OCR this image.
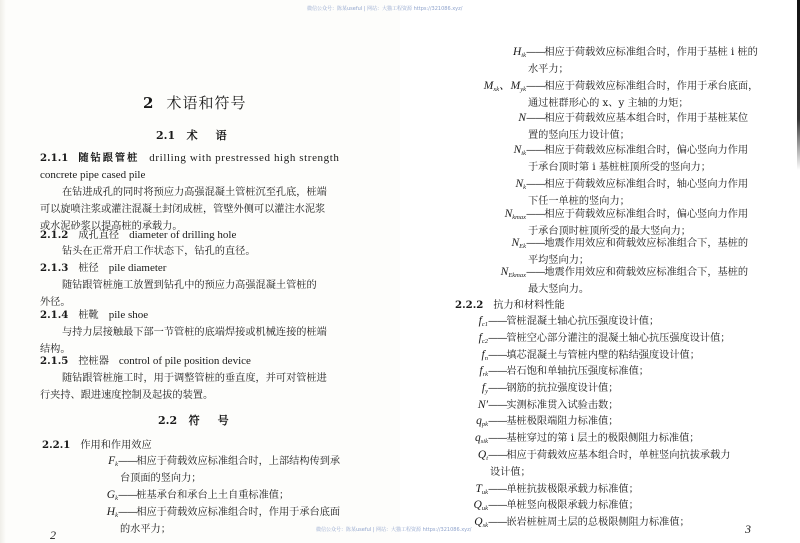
2 术语和符号
2.1 术 语
2.1.1 随钻跟管桩 drilling with prestressed high strength
concrete pipe cased pile
在钻进成孔的同时将预应力高强混凝土管桩沉至孔底，桩端
可以旋喷注浆或灌注混凝土封闭成桩，管壁外侧可以灌注水泥浆
或水泥砂浆以提高桩的承载力。
2.1.2 成孔直径 diameter of drilling hole
钻头在正常开启工作状态下，钻孔的直径。
2.1.3 桩径 pile diameter
随钻跟管桩施工放置到钻孔中的预应力高强混凝土管桩的
外径。
2.1.4 桩靴 pile shoe
与持力层接触最下部一节管桩的底端焊接或机械连接的桩端
结构。
2.1.5 控桩器 control of pile position device
随钻跟管桩施工时，用于调整管桩的垂直度，并可对管桩进
行夹持、跟进速度控制及起拔的装置。
2.2 符 号
2.2.1 作用和作用效应
$F_k——$相应于荷载效应标准组合时，上部结构传到承
台顶面的竖向力；
$G_k——$桩基承台和承台上土自重标准值；
$H_k——$相应于荷载效应标准组合时，作用于承台底面
的水平力；
2
$H_{ik}——$相应于荷载效应标准组合时，作用于基桩 i 桩的
水平力；
$M_{xk}$、$M_{yk}——$相应于荷载效应标准组合时，作用于承台底面，
通过桩群形心的 x、y 主轴的力矩；
N——相应于荷载效应基本组合时，作用于基桩某位
置的竖向压力设计值；
$N_{ik}——$相应于荷载效应标准组合时，偏心竖向力作用
于承台顶时第 i 基桩桩顶所受的竖向力；
$N_k——$相应于荷载效应标准组合时，轴心竖向力作用
下任一单桩的竖向力；
$N_{kmax}——$相应于荷载效应标准组合时，偏心竖向力作用
于承台顶时桩顶所受的最大竖向力；
$N_{Ek}——$地震作用效应和荷载效应标准组合下，基桩的
平均竖向力；
$N_{Ekmax}——$地震作用效应和荷载效应标准组合下，基桩的
最大竖向力。
2.2.2 抗力和材料性能
$f_{c1}——$管桩混凝土轴心抗压强度设计值；
$f_{c2}——$管桩空心部分灌注的混凝土轴心抗压强度设计值；
$f_n——$填芯混凝土与管桩内壁的粘结强度设计值；
$f_{rk}——$岩石饱和单轴抗压强度标准值；
$f_y——$钢筋的抗拉强度设计值；
N′——实测标准贯入试验击数；
$q_{pk}——$基桩极限端阻力标准值；
$q_{sik}——$基桩穿过的第 i 层土的极限侧阻力标准值；
$Q_t——$相应于荷载效应基本组合时，单桩竖向抗拔承载力
设计值；
$T_{uk}——$单桩抗拔极限承载力标准值；
$Q_{uk}——$单桩竖向极限承载力标准值；
$Q_{sk}——$嵌岩桩桩周土层的总极限侧阻力标准值；	3
微信公众号：陈某useful | 网站：大猫工程资源 https://321086.xyz/
微信公众号：陈某useful | 网站：大猫工程资源 https://321086.xyz/
